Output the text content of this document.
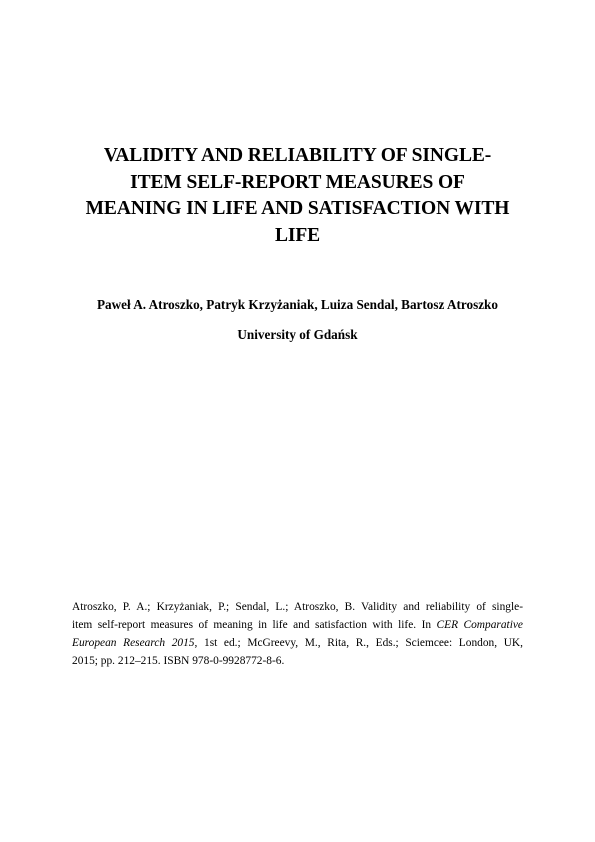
VALIDITY AND RELIABILITY OF SINGLE-
ITEM SELF-REPORT MEASURES OF
MEANING IN LIFE AND SATISFACTION WITH
LIFE
Paweł A. Atroszko, Patryk Krzyżaniak, Luiza Sendal, Bartosz Atroszko
University of Gdańsk

Atroszko, P. A.; Krzyżaniak, P.; Sendal, L.; Atroszko, B. Validity and reliability of single-
item self-report measures of meaning in life and satisfaction with life. In CER Comparative
European Research 2015, 1st ed.; McGreevy, M., Rita, R., Eds.; Sciemcee: London, UK,
2015; pp. 212–215. ISBN 978-0-9928772-8-6.
